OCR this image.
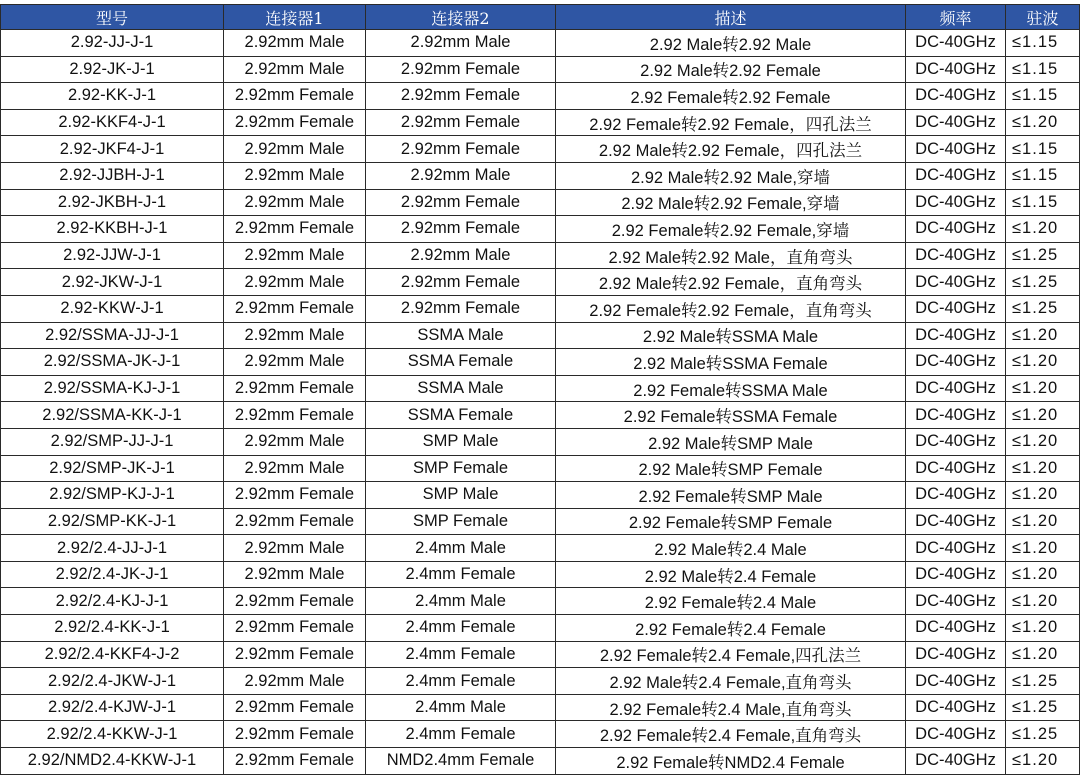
型号	连接器1	连接器2	描述	频率	驻波
2.92-JJ-J-1	2.92mm Male	2.92mm Male	2.92 Male转2.92 Male	DC-40GHz	≤1.15
2.92-JK-J-1	2.92mm Male	2.92mm Female	2.92 Male转2.92 Female	DC-40GHz	≤1.15
2.92-KK-J-1	2.92mm Female	2.92mm Female	2.92 Female转2.92 Female	DC-40GHz	≤1.15
2.92-KKF4-J-1	2.92mm Female	2.92mm Female	2.92 Female转2.92 Female，四孔法兰	DC-40GHz	≤1.20
2.92-JKF4-J-1	2.92mm Male	2.92mm Female	2.92 Male转2.92 Female，四孔法兰	DC-40GHz	≤1.15
2.92-JJBH-J-1	2.92mm Male	2.92mm Male	2.92 Male转2.92 Male,穿墙	DC-40GHz	≤1.15
2.92-JKBH-J-1	2.92mm Male	2.92mm Female	2.92 Male转2.92 Female,穿墙	DC-40GHz	≤1.15
2.92-KKBH-J-1	2.92mm Female	2.92mm Female	2.92 Female转2.92 Female,穿墙	DC-40GHz	≤1.20
2.92-JJW-J-1	2.92mm Male	2.92mm Male	2.92 Male转2.92 Male，直角弯头	DC-40GHz	≤1.25
2.92-JKW-J-1	2.92mm Male	2.92mm Female	2.92 Male转2.92 Female，直角弯头	DC-40GHz	≤1.25
2.92-KKW-J-1	2.92mm Female	2.92mm Female	2.92 Female转2.92 Female，直角弯头	DC-40GHz	≤1.25
2.92/SSMA-JJ-J-1	2.92mm Male	SSMA Male	2.92 Male转SSMA Male	DC-40GHz	≤1.20
2.92/SSMA-JK-J-1	2.92mm Male	SSMA Female	2.92 Male转SSMA Female	DC-40GHz	≤1.20
2.92/SSMA-KJ-J-1	2.92mm Female	SSMA Male	2.92 Female转SSMA Male	DC-40GHz	≤1.20
2.92/SSMA-KK-J-1	2.92mm Female	SSMA Female	2.92 Female转SSMA Female	DC-40GHz	≤1.20
2.92/SMP-JJ-J-1	2.92mm Male	SMP Male	2.92 Male转SMP Male	DC-40GHz	≤1.20
2.92/SMP-JK-J-1	2.92mm Male	SMP Female	2.92 Male转SMP Female	DC-40GHz	≤1.20
2.92/SMP-KJ-J-1	2.92mm Female	SMP Male	2.92 Female转SMP Male	DC-40GHz	≤1.20
2.92/SMP-KK-J-1	2.92mm Female	SMP Female	2.92 Female转SMP Female	DC-40GHz	≤1.20
2.92/2.4-JJ-J-1	2.92mm Male	2.4mm Male	2.92 Male转2.4 Male	DC-40GHz	≤1.20
2.92/2.4-JK-J-1	2.92mm Male	2.4mm Female	2.92 Male转2.4 Female	DC-40GHz	≤1.20
2.92/2.4-KJ-J-1	2.92mm Female	2.4mm Male	2.92 Female转2.4 Male	DC-40GHz	≤1.20
2.92/2.4-KK-J-1	2.92mm Female	2.4mm Female	2.92 Female转2.4 Female	DC-40GHz	≤1.20
2.92/2.4-KKF4-J-2	2.92mm Female	2.4mm Female	2.92 Female转2.4 Female,四孔法兰	DC-40GHz	≤1.20
2.92/2.4-JKW-J-1	2.92mm Male	2.4mm Female	2.92 Male转2.4 Female,直角弯头	DC-40GHz	≤1.25
2.92/2.4-KJW-J-1	2.92mm Female	2.4mm Male	2.92 Female转2.4 Male,直角弯头	DC-40GHz	≤1.25
2.92/2.4-KKW-J-1	2.92mm Female	2.4mm Female	2.92 Female转2.4 Female,直角弯头	DC-40GHz	≤1.25
2.92/NMD2.4-KKW-J-1	2.92mm Female	NMD2.4mm Female	2.92 Female转NMD2.4 Female	DC-40GHz	≤1.20
